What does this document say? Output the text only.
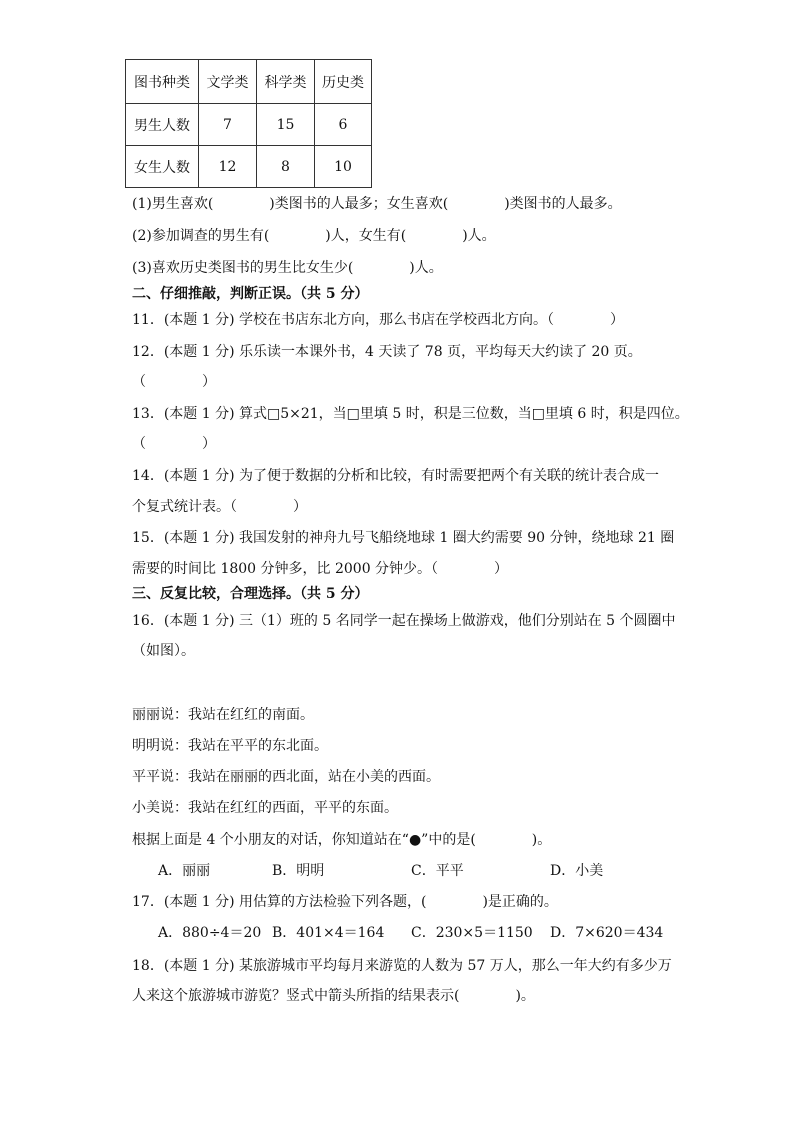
图书种类	文学类	科学类	历史类
男生人数	7	15	6
女生人数	12	8	10
(1)男生喜欢(　　　　)类图书的人最多；女生喜欢(　　　　)类图书的人最多。
(2)参加调查的男生有(　　　　)人，女生有(　　　　)人。
(3)喜欢历史类图书的男生比女生少(　　　　)人。
二、仔细推敲，判断正误。（共 5 分）
11．(本题 1 分) 学校在书店东北方向，那么书店在学校西北方向。（　　　　）
12．(本题 1 分) 乐乐读一本课外书，4 天读了 78 页，平均每天大约读了 20 页。
（　　　　）
13．(本题 1 分) 算式□5×21，当□里填 5 时，积是三位数，当□里填 6 时，积是四位。
（　　　　）
14．(本题 1 分) 为了便于数据的分析和比较，有时需要把两个有关联的统计表合成一
个复式统计表。（　　　　）
15．(本题 1 分) 我国发射的神舟九号飞船绕地球 1 圈大约需要 90 分钟，绕地球 21 圈
需要的时间比 1800 分钟多，比 2000 分钟少。（　　　　）
三、反复比较，合理选择。（共 5 分）
16．(本题 1 分) 三（1）班的 5 名同学一起在操场上做游戏，他们分别站在 5 个圆圈中
（如图）。
丽丽说：我站在红红的南面。
明明说：我站在平平的东北面。
平平说：我站在丽丽的西北面，站在小美的西面。
小美说：我站在红红的西面，平平的东面。
根据上面是 4 个小朋友的对话，你知道站在“●”中的是(　　　　)。
A．丽丽	B．明明	C．平平	D．小美
17．(本题 1 分) 用估算的方法检验下列各题，(　　　　)是正确的。
A．880÷4＝20 B．401×4＝164 C．230×5＝1150 D．7×620＝434
18．(本题 1 分) 某旅游城市平均每月来游览的人数为 57 万人，那么一年大约有多少万
人来这个旅游城市游览？竖式中箭头所指的结果表示(　　　　)。
